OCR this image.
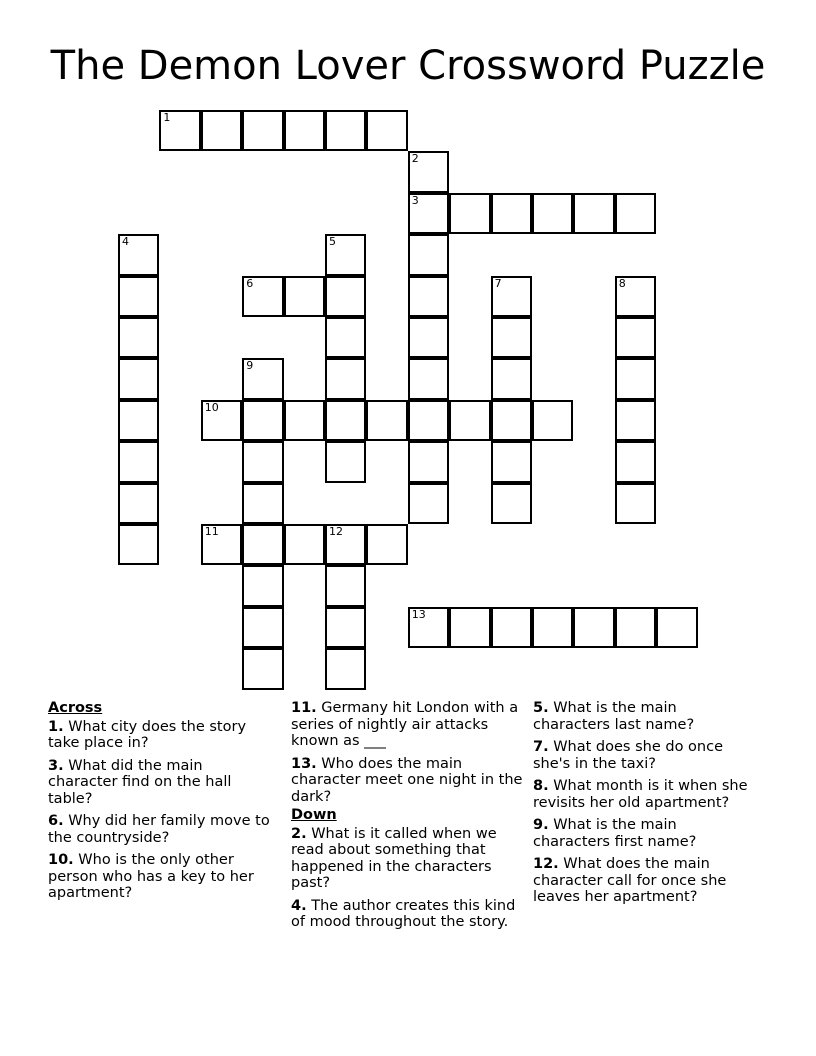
The Demon Lover Crossword Puzzle
1
2
3
4	5
6	7	8
9
10
11	12
13

Across

1. What city does the story take place in?

3. What did the main character find on the hall table?

6. Why did her family move to the countryside?

10. Who is the only other person who has a key to her apartment?

11. Germany hit London with a series of nightly air attacks known as ___

13. Who does the main character meet one night in the dark?

Down

2. What is it called when we read about something that happened in the characters past?

4. The author creates this kind of mood throughout the story.

5. What is the main characters last name?

7. What does she do once she's in the taxi?

8. What month is it when she revisits her old apartment?

9. What is the main characters first name?

12. What does the main character call for once she leaves her apartment?
